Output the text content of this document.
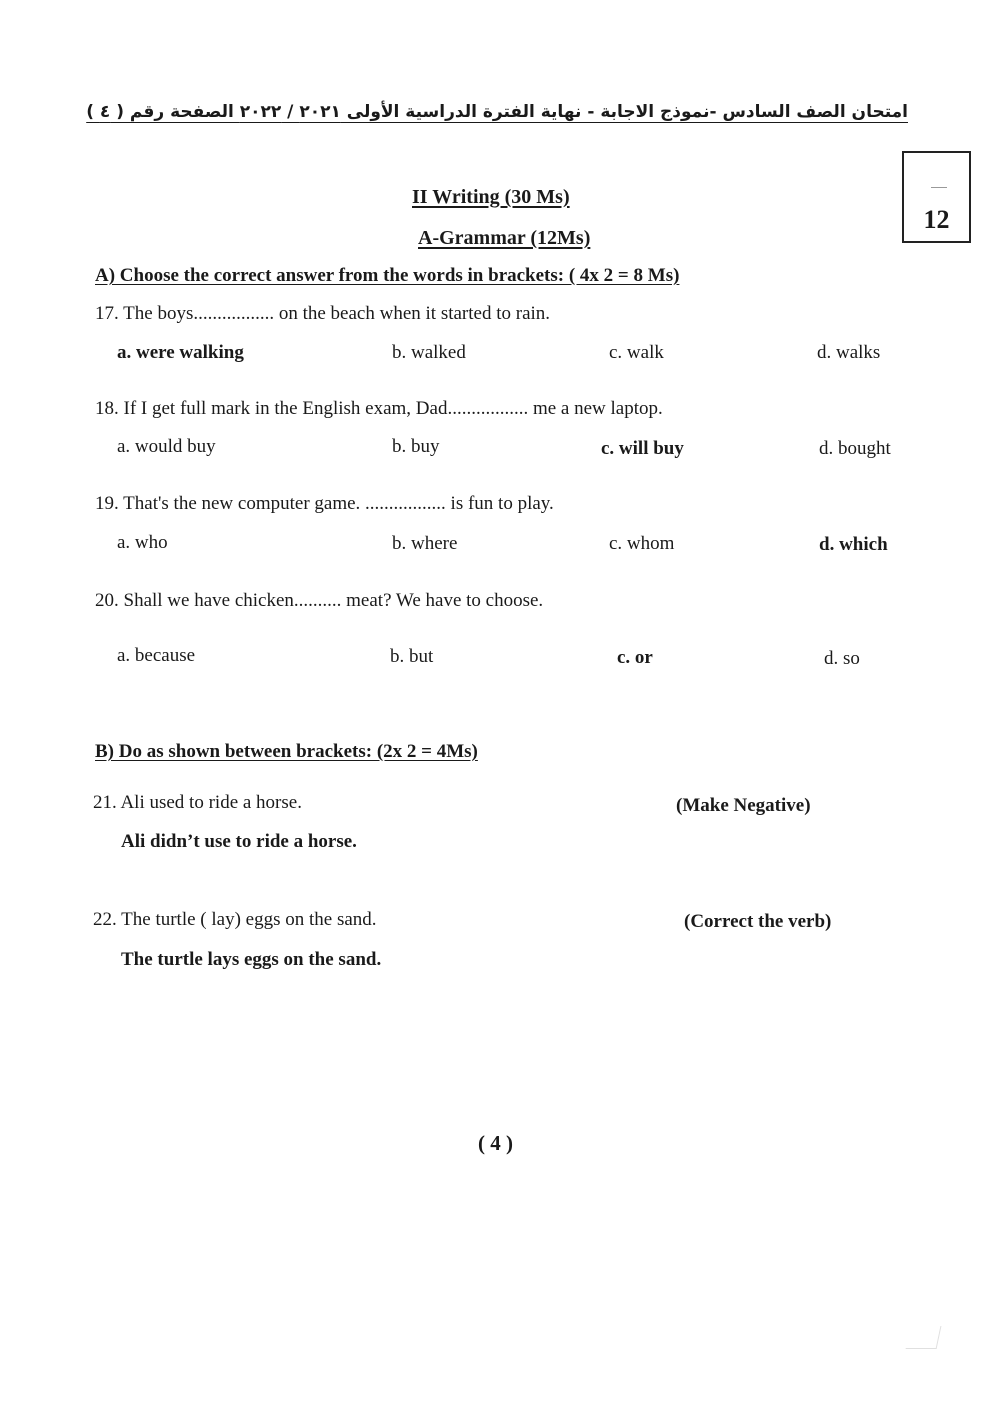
امتحان الصف السادس -نموذج الاجابة - نهاية الفترة الدراسية الأولى ٢٠٢١ / ٢٠٢٢ الصفحة رقم ( ٤ )
12
II Writing (30 Ms)
A-Grammar (12Ms)
A) Choose the correct answer from the words in brackets: ( 4x 2 = 8 Ms)
17. The boys................. on the beach when it started to rain.
a. were walking	b. walked	c. walk	d. walks
18. If I get full mark in the English exam, Dad................. me a new laptop.
a. would buy	b. buy	c. will buy	d. bought
19. That's the new computer game. ................. is fun to play.
a. who	b. where	c. whom	d. which
20. Shall we have chicken.......... meat? We have to choose.
a. because	b. but	c. or	d. so
B) Do as shown between brackets: (2x 2 = 4Ms)
21. Ali used to ride a horse.	(Make Negative)
Ali didn’t use to ride a horse.
22. The turtle ( lay) eggs on the sand.	(Correct the verb)
The turtle lays eggs on the sand.
( 4 )
